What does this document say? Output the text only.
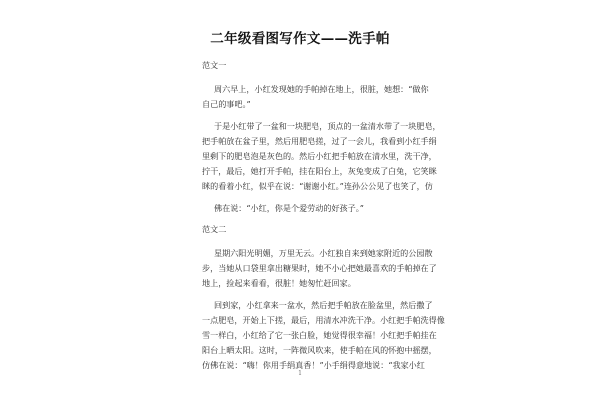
二年级看图写作文——洗手帕

范文一

周六早上，小红发现她的手帕掉在地上，很脏，她想：“做你

自己的事吧。”

于是小红带了一盆和一块肥皂，顶点的一盆清水带了一块肥皂，

把手帕放在盆子里，然后用肥皂搓，过了一会儿，我看到小红手绢

里剩下的肥皂泡是灰色的。然后小红把手帕放在清水里，洗干净，

拧干，最后，她打开手帕，挂在阳台上，灰兔变成了白兔，它笑眯

眯的看着小红，似乎在说：“谢谢小红。”连孙公公见了也笑了，仿

佛在说：“小红，你是个爱劳动的好孩子。”

范文二

星期六阳光明媚，万里无云。小红独自来到她家附近的公园散

步，当她从口袋里拿出糖果时，她不小心把她最喜欢的手帕掉在了

地上，捡起来看看，很脏！她匆忙赶回家。

回到家，小红拿来一盆水，然后把手帕放在脸盆里，然后撒了

一点肥皂，开始上下搓，最后，用清水冲洗干净。小红把手帕洗得像

雪一样白，小红给了它一张白脸，她觉得很幸福！小红把手帕挂在

阳台上晒太阳。这时，一阵微风吹来，使手帕在风的怀抱中摇摆，

仿佛在说：“嗨！你用手绢真香！”小手绢得意地说：“我家小红

1
